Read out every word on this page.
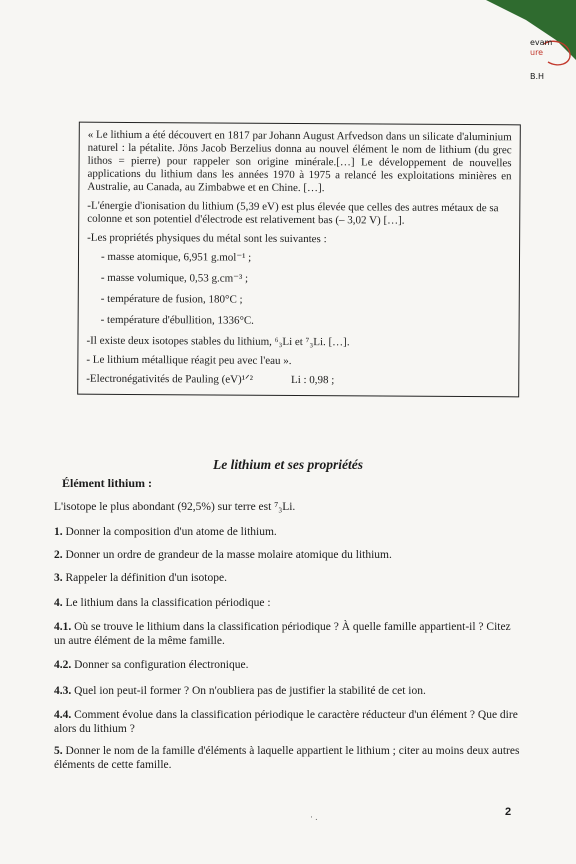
evam
ure
B.H

« Le lithium a été découvert en 1817 par Johann August Arfvedson dans un silicate d'aluminium naturel : la pétalite. Jöns Jacob Berzelius donna au nouvel élément le nom de lithium (du grec lithos = pierre) pour rappeler son origine minérale.[…] Le développement de nouvelles applications du lithium dans les années 1970 à 1975 a relancé les exploitations minières en Australie, au Canada, au Zimbabwe et en Chine. […].

-L'énergie d'ionisation du lithium (5,39 eV) est plus élevée que celles des autres métaux de sa colonne et son potentiel d'électrode est relativement bas (– 3,02 V) […].

-Les propriétés physiques du métal sont les suivantes :

- masse atomique, 6,951 g.mol⁻¹ ;
- masse volumique, 0,53 g.cm⁻³ ;
- température de fusion, 180°C ;
- température d'ébullition, 1336°C.

-Il existe deux isotopes stables du lithium, ⁶₃Li et ⁷₃Li. […].

- Le lithium métallique réagit peu avec l'eau ».

-Electronégativités de Pauling (eV)¹ᐟ²	Li : 0,98 ;
Le lithium et ses propriétés
Élément lithium :
L'isotope le plus abondant (92,5%) sur terre est ⁷₃Li.
1. Donner la composition d'un atome de lithium.
2. Donner un ordre de grandeur de la masse molaire atomique du lithium.
3. Rappeler la définition d'un isotope.
4. Le lithium dans la classification périodique :
4.1. Où se trouve le lithium dans la classification périodique ? À quelle famille appartient-il ? Citez un autre élément de la même famille.
4.2. Donner sa configuration électronique.
4.3. Quel ion peut-il former ? On n'oubliera pas de justifier la stabilité de cet ion.
4.4. Comment évolue dans la classification périodique le caractère réducteur d'un élément ? Que dire alors du lithium ?
5. Donner le nom de la famille d'éléments à laquelle appartient le lithium ; citer au moins deux autres éléments de cette famille.
2
· .
